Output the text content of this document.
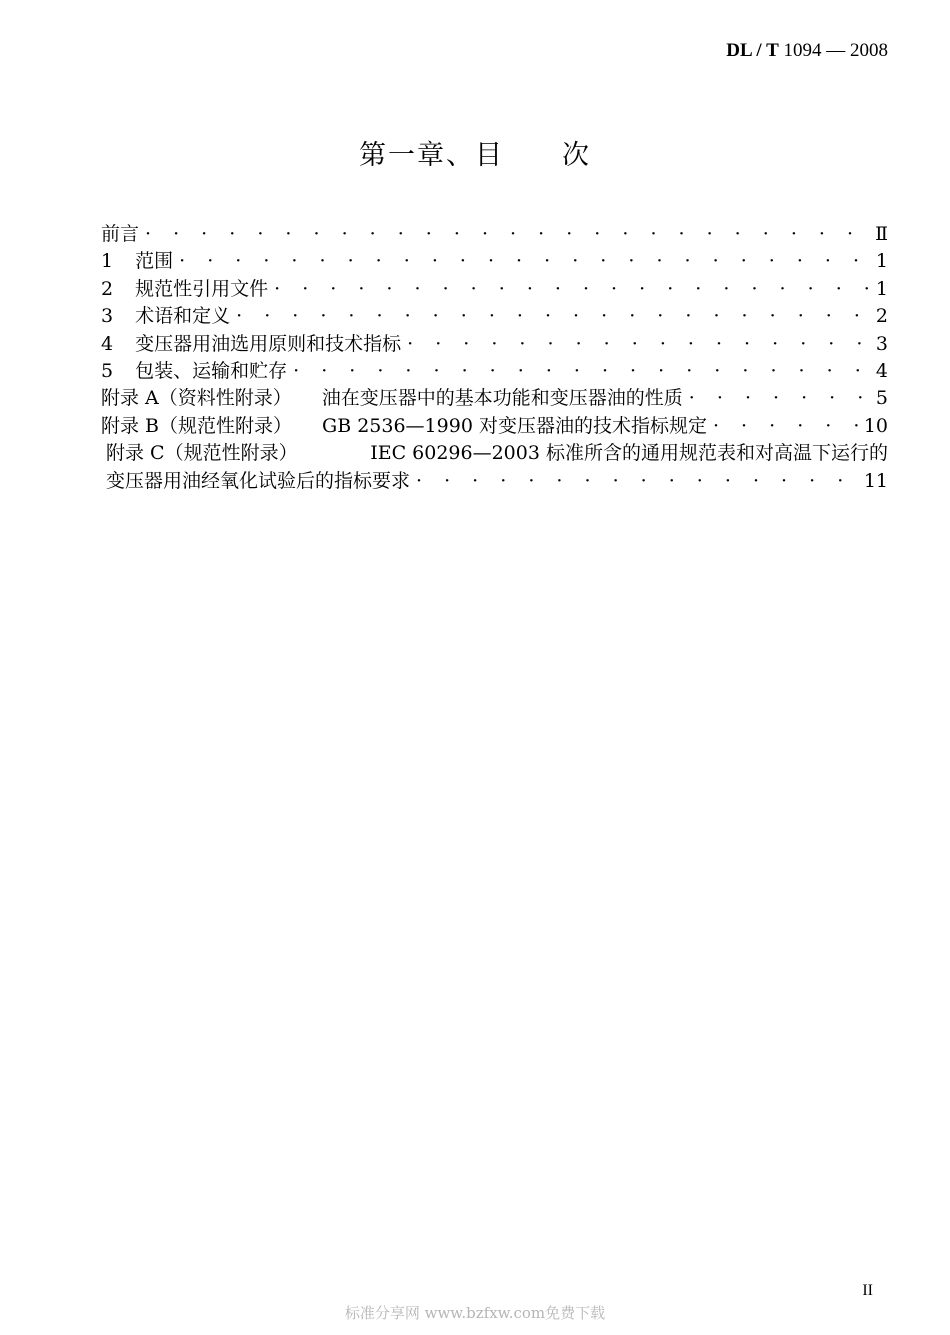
DL / T 1094 — 2008
第一章、目　　次
前言 · · ·	Ⅱ
1 范围 · · ·	1
2 规范性引用文件 · · ·	1
3 术语和定义 · · ·	2
4 变压器用油选用原则和技术指标 · · ·	3
5 包装、运输和贮存 · · ·	4
附录 A（资料性附录） 油在变压器中的基本功能和变压器油的性质 · · ·	5
附录 B（规范性附录） GB 2536—1990 对变压器油的技术指标规定 · · ·	10
附录 C（规范性附录）	IEC 60296—2003 标准所含的通用规范表和对高温下运行的
变压器用油经氧化试验后的指标要求 · · ·	11
II
标准分享网 www.bzfxw.com免费下载
